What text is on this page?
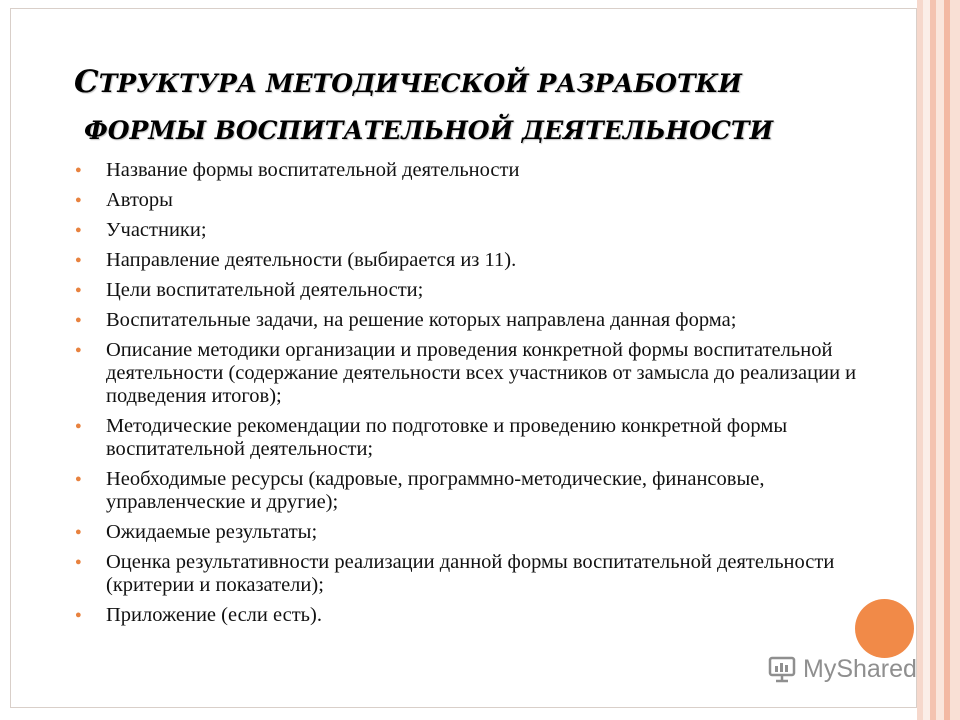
СТРУКТУРА МЕТОДИЧЕСКОЙ РАЗРАБОТКИ
ФОРМЫ ВОСПИТАТЕЛЬНОЙ ДЕЯТЕЛЬНОСТИ
● Название формы воспитательной деятельности
● Авторы
● Участники;
● Направление деятельности (выбирается из 11).
● Цели воспитательной деятельности;
● Воспитательные задачи, на решение которых направлена данная форма;
● Описание методики организации и проведения конкретной формы воспитательной деятельности (содержание деятельности всех участников от замысла до реализации и подведения итогов);
● Методические рекомендации по подготовке и проведению конкретной формы воспитательной деятельности;
● Необходимые ресурсы (кадровые, программно-методические, финансовые, управленческие и другие);
● Ожидаемые результаты;
● Оценка результативности реализации данной формы воспитательной деятельности (критерии и показатели);
● Приложение (если есть).
MyShared
